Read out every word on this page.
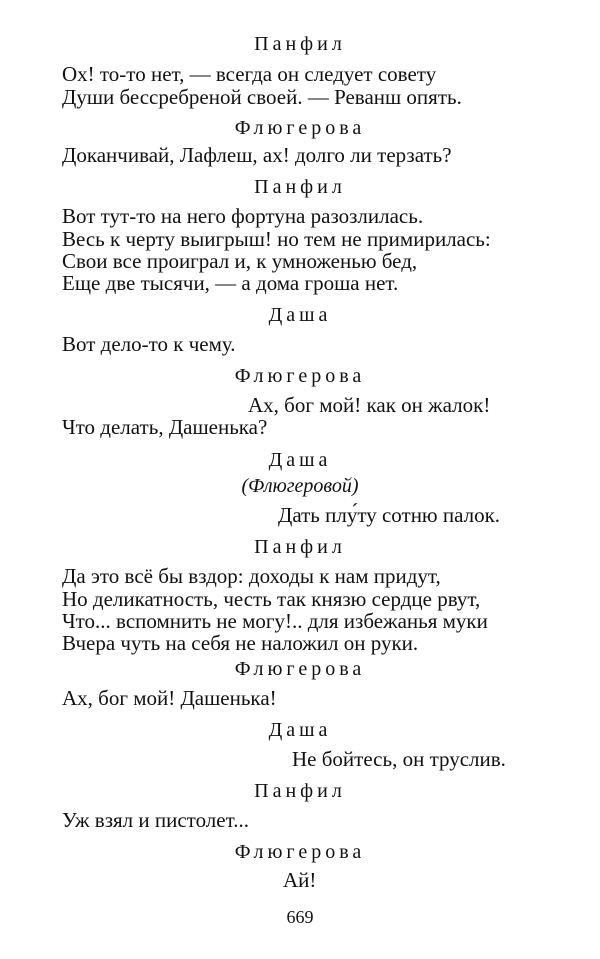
Панфил
Ох! то-то нет, — всегда он следует совету
Души бессребреной своей. — Реванш опять.
Флюгерова
Доканчивай, Лафлеш, ах! долго ли терзать?
Панфил
Вот тут-то на него фортуна разозлилась.
Весь к черту выигрыш! но тем не примирилась:
Свои все проиграл и, к умноженью бед,
Еще две тысячи, — а дома гроша нет.
Даша
Вот дело-то к чему.
Флюгерова
Ах, бог мой! как он жалок!
Что делать, Дашенька?
Даша
(Флюгеровой)
Дать плу́ту сотню палок.
Панфил
Да это всё бы вздор: доходы к нам придут,
Но деликатность, честь так князю сердце рвут,
Что... вспомнить не могу!.. для избежанья муки
Вчера чуть на себя не наложил он руки.
Флюгерова
Ах, бог мой! Дашенька!
Даша
Не бойтесь, он труслив.
Панфил
Уж взял и пистолет...
Флюгерова
Ай!
669
